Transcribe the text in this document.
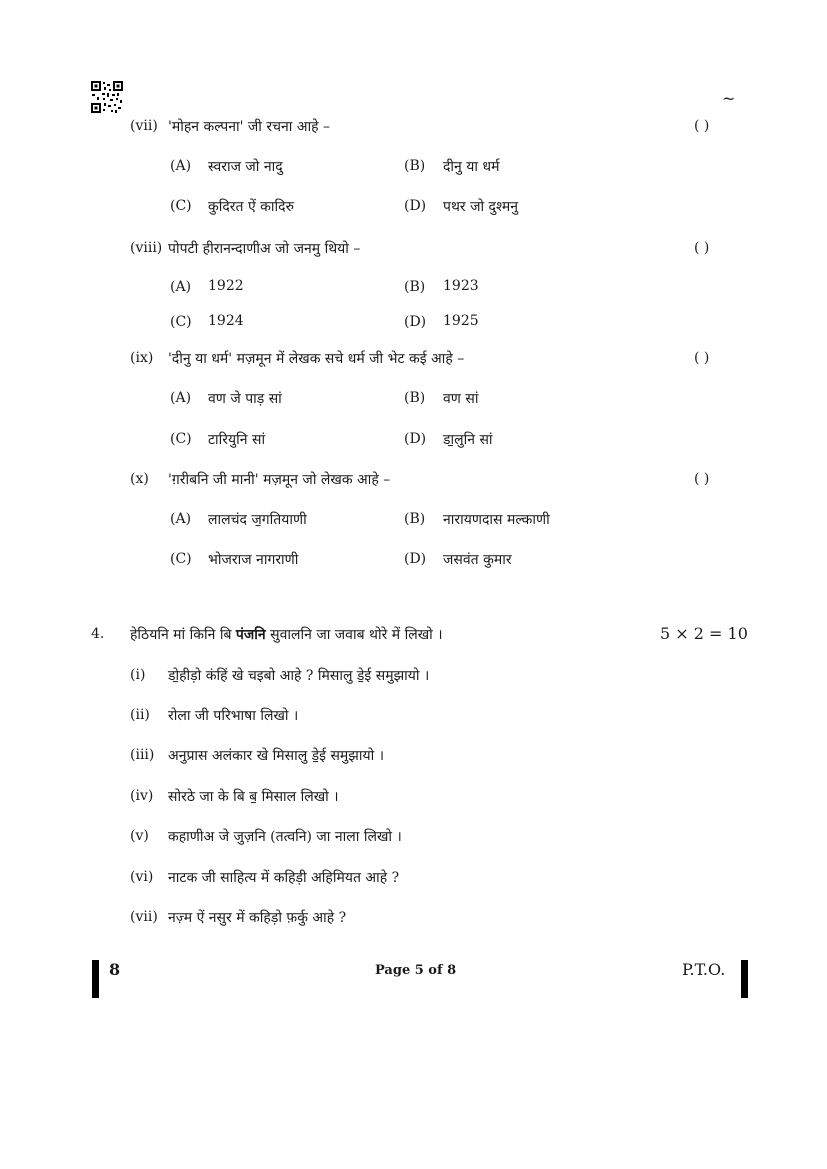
~
(vii) 'मोहन कल्पना' जी रचना आहे –	( )
(A) स्वराज जो नादु	(B) दीनु या धर्म
(C) कुदिरत ऐं कादिरु	(D) पथर जो दुश्मनु
(viii) पोपटी हीरानन्दाणीअ जो जनमु थियो –	( )
(A) 1922	(B) 1923
(C) 1924	(D) 1925
(ix) 'दीनु या धर्म' मज़मून में लेखक सचे धर्म जी भेट कई आहे –	( )
(A) वण जे पाड़ सां	(B) वण सां
(C) टारियुनि सां	(D) डा॒लुनि सां
(x) 'ग़रीबनि जी मानी' मज़मून जो लेखक आहे –	( )
(A) लालचंद ज॒गतियाणी	(B) नारायणदास मल्काणी
(C) भोजराज नागराणी	(D) जसवंत कुमार
4. हेठियनि मां किनि बि पंजनि सुवालनि जा जवाब थोरे में लिखो ।	5 × 2 = 10
(i) डो॒हीड़ो कंहिं खे चइबो आहे ? मिसालु डे॒ई समुझायो ।
(ii) रोला जी परिभाषा लिखो ।
(iii) अनुप्रास अलंकार खे मिसालु डे॒ई समुझायो ।
(iv) सोरठे जा के बि ब॒ मिसाल लिखो ।
(v) कहाणीअ जे जुज़नि (तत्वनि) जा नाला लिखो ।
(vi) नाटक जी साहित्य में कहिड़ी अहिमियत आहे ?
(vii) नज़्म ऐं नसुर में कहिड़ो फ़र्कु आहे ?
8	Page 5 of 8	P.T.O.
